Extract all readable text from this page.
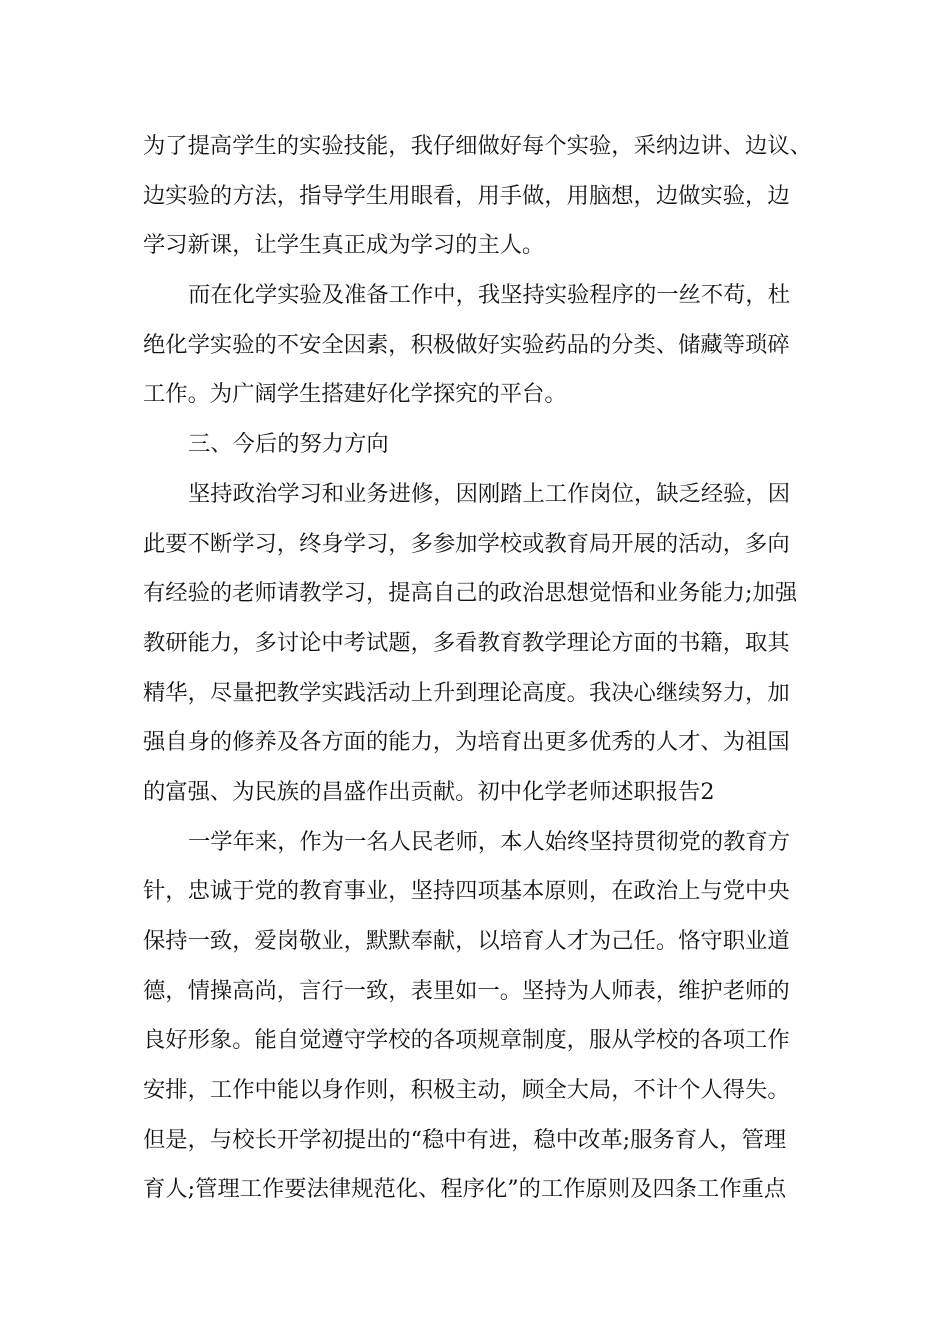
为了提高学生的实验技能，我仔细做好每个实验，采纳边讲、边议、
边实验的方法，指导学生用眼看，用手做，用脑想，边做实验，边
学习新课，让学生真正成为学习的主人。
而在化学实验及准备工作中，我坚持实验程序的一丝不苟，杜
绝化学实验的不安全因素，积极做好实验药品的分类、储藏等琐碎
工作。为广阔学生搭建好化学探究的平台。
三、今后的努力方向
坚持政治学习和业务进修，因刚踏上工作岗位，缺乏经验，因
此要不断学习，终身学习，多参加学校或教育局开展的活动，多向
有经验的老师请教学习，提高自己的政治思想觉悟和业务能力;加强
教研能力，多讨论中考试题，多看教育教学理论方面的书籍，取其
精华，尽量把教学实践活动上升到理论高度。我决心继续努力，加
强自身的修养及各方面的能力，为培育出更多优秀的人才、为祖国
的富强、为民族的昌盛作出贡献。初中化学老师述职报告2
一学年来，作为一名人民老师，本人始终坚持贯彻党的教育方
针，忠诚于党的教育事业，坚持四项基本原则，在政治上与党中央
保持一致，爱岗敬业，默默奉献，以培育人才为己任。恪守职业道
德，情操高尚，言行一致，表里如一。坚持为人师表，维护老师的
良好形象。能自觉遵守学校的各项规章制度，服从学校的各项工作
安排，工作中能以身作则，积极主动，顾全大局，不计个人得失。
但是，与校长开学初提出的“稳中有进，稳中改革;服务育人，管理
育人;管理工作要法律规范化、程序化”的工作原则及四条工作重点
